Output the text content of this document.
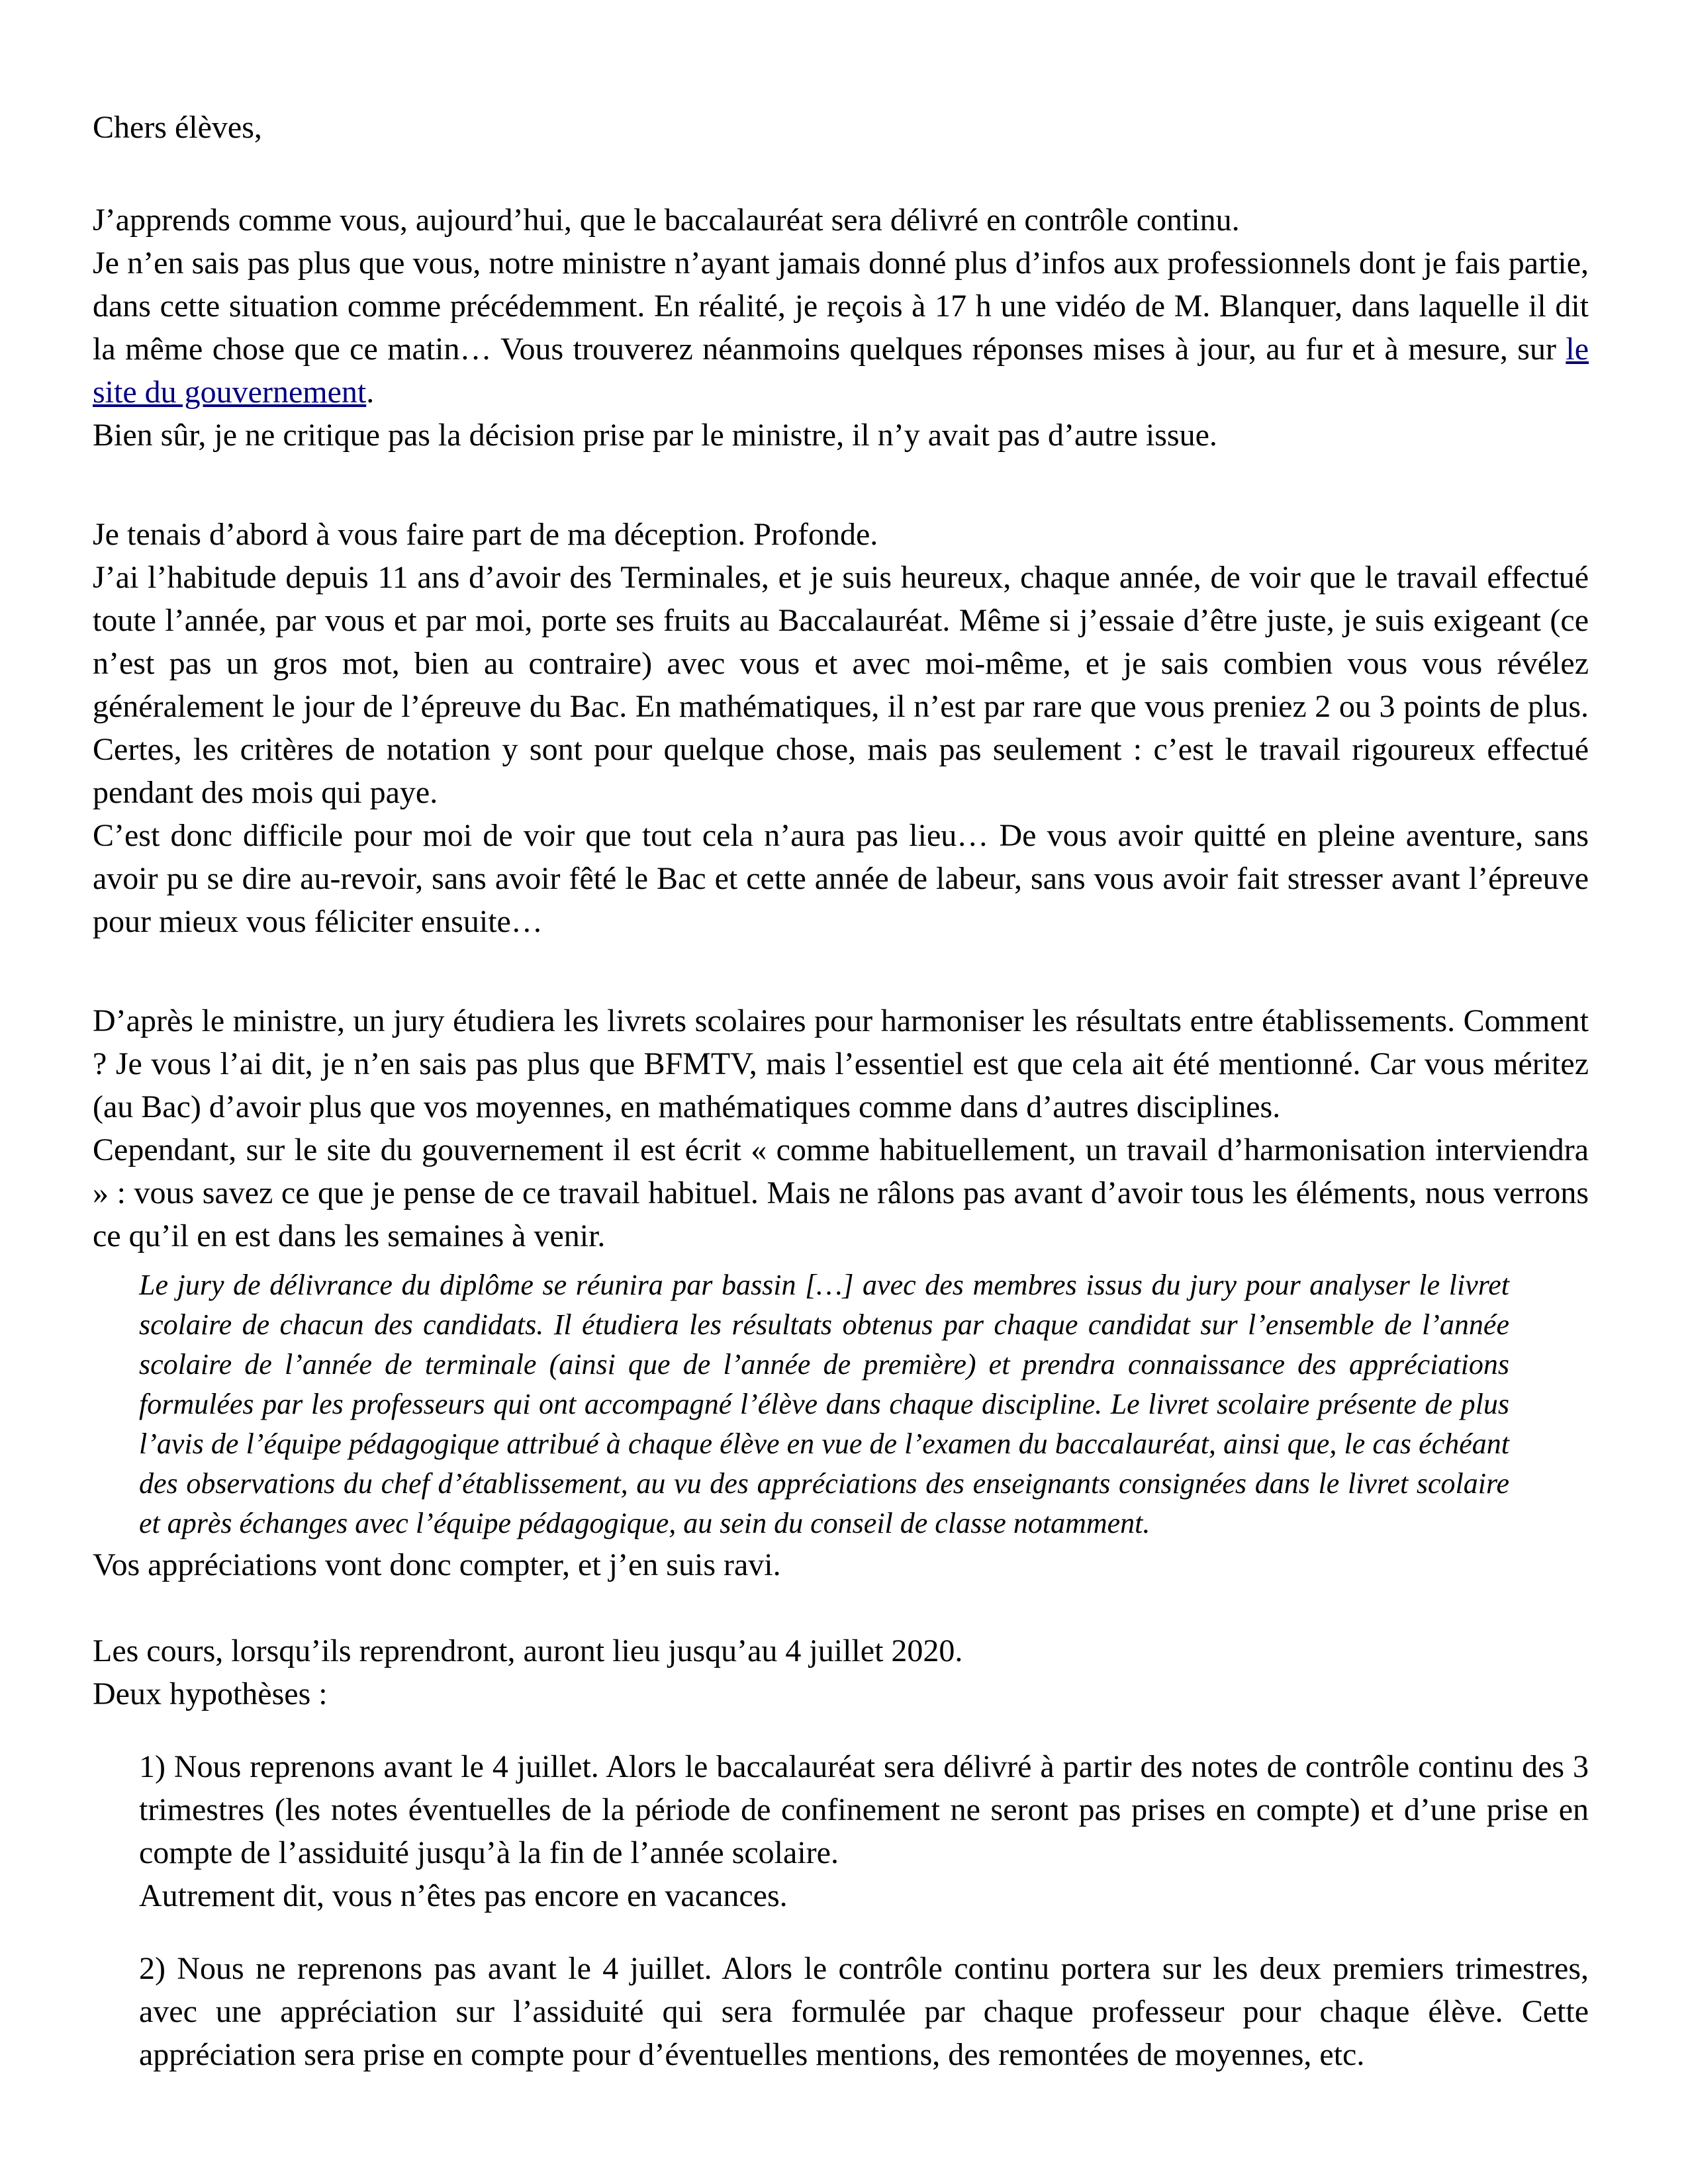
Chers élèves,

J’apprends comme vous, aujourd’hui, que le baccalauréat sera délivré en contrôle continu.

Je n’en sais pas plus que vous, notre ministre n’ayant jamais donné plus d’infos aux professionnels dont je fais partie, dans cette situation comme précédemment. En réalité, je reçois à 17 h une vidéo de M. Blanquer, dans laquelle il dit la même chose que ce matin… Vous trouverez néanmoins quelques réponses mises à jour, au fur et à mesure, sur le site du gouvernement.

Bien sûr, je ne critique pas la décision prise par le ministre, il n’y avait pas d’autre issue.

Je tenais d’abord à vous faire part de ma déception. Profonde.

J’ai l’habitude depuis 11 ans d’avoir des Terminales, et je suis heureux, chaque année, de voir que le travail effectué toute l’année, par vous et par moi, porte ses fruits au Baccalauréat. Même si j’essaie d’être juste, je suis exigeant (ce n’est pas un gros mot, bien au contraire) avec vous et avec moi-même, et je sais combien vous vous révélez généralement le jour de l’épreuve du Bac. En mathématiques, il n’est par rare que vous preniez 2 ou 3 points de plus. Certes, les critères de notation y sont pour quelque chose, mais pas seulement : c’est le travail rigoureux effectué pendant des mois qui paye.

C’est donc difficile pour moi de voir que tout cela n’aura pas lieu… De vous avoir quitté en pleine aventure, sans avoir pu se dire au-revoir, sans avoir fêté le Bac et cette année de labeur, sans vous avoir fait stresser avant l’épreuve pour mieux vous féliciter ensuite…

D’après le ministre, un jury étudiera les livrets scolaires pour harmoniser les résultats entre établissements. Comment ? Je vous l’ai dit, je n’en sais pas plus que BFMTV, mais l’essentiel est que cela ait été mentionné. Car vous méritez (au Bac) d’avoir plus que vos moyennes, en mathématiques comme dans d’autres disciplines.

Cependant, sur le site du gouvernement il est écrit « comme habituellement, un travail d’harmonisation interviendra » : vous savez ce que je pense de ce travail habituel. Mais ne râlons pas avant d’avoir tous les éléments, nous verrons ce qu’il en est dans les semaines à venir.

Le jury de délivrance du diplôme se réunira par bassin […] avec des membres issus du jury pour analyser le livret scolaire de chacun des candidats. Il étudiera les résultats obtenus par chaque candidat sur l’ensemble de l’année scolaire de l’année de terminale (ainsi que de l’année de première) et prendra connaissance des appréciations formulées par les professeurs qui ont accompagné l’élève dans chaque discipline. Le livret scolaire présente de plus l’avis de l’équipe pédagogique attribué à chaque élève en vue de l’examen du baccalauréat, ainsi que, le cas échéant des observations du chef d’établissement, au vu des appréciations des enseignants consignées dans le livret scolaire et après échanges avec l’équipe pédagogique, au sein du conseil de classe notamment.

Vos appréciations vont donc compter, et j’en suis ravi.

Les cours, lorsqu’ils reprendront, auront lieu jusqu’au 4 juillet 2020.

Deux hypothèses :

1) Nous reprenons avant le 4 juillet. Alors le baccalauréat sera délivré à partir des notes de contrôle continu des 3 trimestres (les notes éventuelles de la période de confinement ne seront pas prises en compte) et d’une prise en compte de l’assiduité jusqu’à la fin de l’année scolaire.

Autrement dit, vous n’êtes pas encore en vacances.

2) Nous ne reprenons pas avant le 4 juillet. Alors le contrôle continu portera sur les deux premiers trimestres, avec une appréciation sur l’assiduité qui sera formulée par chaque professeur pour chaque élève. Cette appréciation sera prise en compte pour d’éventuelles mentions, des remontées de moyennes, etc.
